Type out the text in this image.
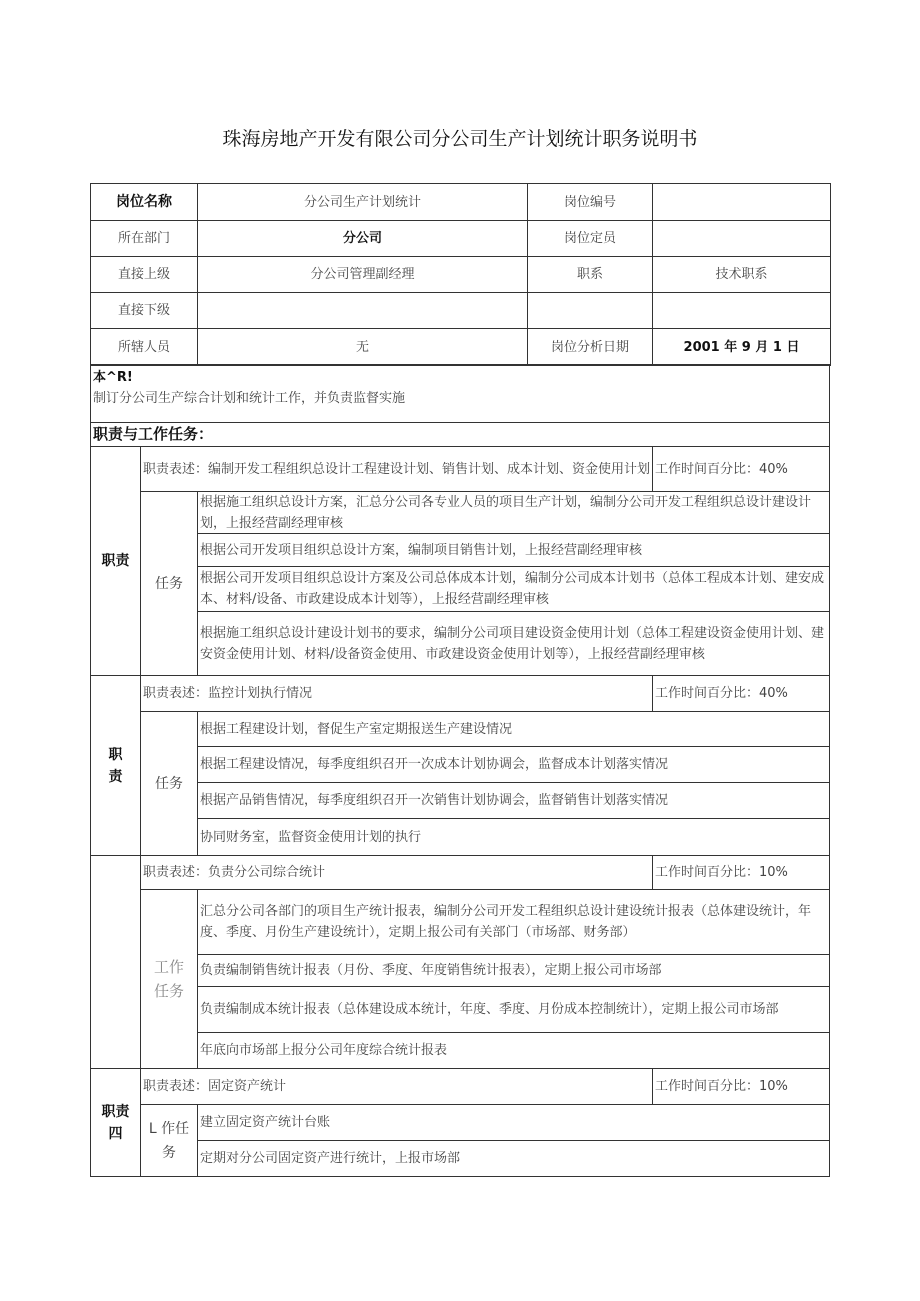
珠海房地产开发有限公司分公司生产计划统计职务说明书
岗位名称	分公司生产计划统计	岗位编号
所在部门	分公司	岗位定员
直接上级	分公司管理副经理	职系	技术职系
直接下级
所辖人员	无	岗位分析日期	2001 年 9 月 1 日
本^R!
制订分公司生产综合计划和统计工作，并负责监督实施
职责与工作任务：
职责
职责表述：编制开发工程组织总设计工程建设计划、销售计划、成本计划、资金使用计划 工作时间百分比：40%
任务
根据施工组织总设计方案，汇总分公司各专业人员的项目生产计划，编制分公司开发工程组织总设计建设计划，上报经营副经理审核
根据公司开发项目组织总设计方案，编制项目销售计划，上报经营副经理审核
根据公司开发项目组织总设计方案及公司总体成本计划，编制分公司成本计划书（总体工程成本计划、建安成本、材料/设备、市政建设成本计划等），上报经营副经理审核
根据施工组织总设计建设计划书的要求，编制分公司项目建设资金使用计划（总体工程建设资金使用计划、建安资金使用计划、材料/设备资金使用、市政建设资金使用计划等），上报经营副经理审核
职
责
职责表述：监控计划执行情况	工作时间百分比：40%
任务
根据工程建设计划，督促生产室定期报送生产建设情况
根据工程建设情况，每季度组织召开一次成本计划协调会，监督成本计划落实情况
根据产品销售情况，每季度组织召开一次销售计划协调会，监督销售计划落实情况
协同财务室，监督资金使用计划的执行
职责表述：负责分公司综合统计	工作时间百分比：10%
工作
任务
汇总分公司各部门的项目生产统计报表，编制分公司开发工程组织总设计建设统计报表（总体建设统计，年度、季度、月份生产建设统计），定期上报公司有关部门（市场部、财务部）
负责编制销售统计报表（月份、季度、年度销售统计报表），定期上报公司市场部
负责编制成本统计报表（总体建设成本统计，年度、季度、月份成本控制统计），定期上报公司市场部
年底向市场部上报分公司年度综合统计报表
职责
四
职责表述：固定资产统计	工作时间百分比：10%
L 作任
务
建立固定资产统计台账
定期对分公司固定资产进行统计，上报市场部
